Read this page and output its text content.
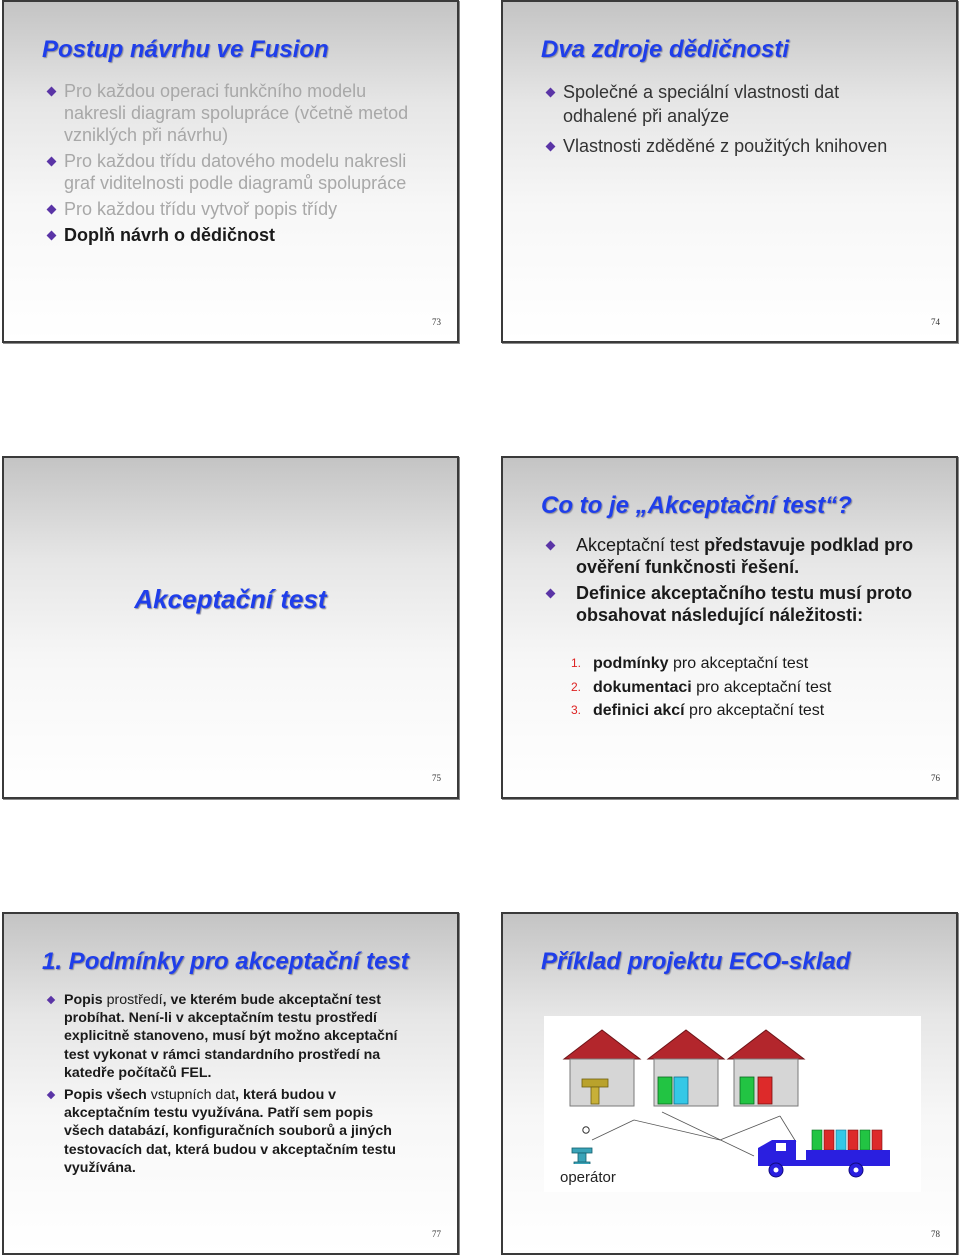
Postup návrhu ve Fusion
Pro každou operaci funkčního modelu nakresli diagram spolupráce (včetně metod vzniklých při návrhu)
Pro každou třídu datového modelu nakresli graf viditelnosti podle diagramů spolupráce
Pro každou třídu vytvoř popis třídy
Doplň návrh o dědičnost
73
Dva zdroje dědičnosti
Společné a speciální vlastnosti dat odhalené při analýze
Vlastnosti zděděné z použitých knihoven
74
Akceptační test
75
Co to je „Akceptační test“?
Akceptační test představuje podklad pro ověření funkčnosti řešení.
Definice akceptačního testu musí proto obsahovat následující náležitosti:
1. podmínky pro akceptační test
2. dokumentaci pro akceptační test
3. definici akcí pro akceptační test
76
1. Podmínky pro akceptační test
Popis prostředí, ve kterém bude akceptační test probíhat. Není-li v akceptačním testu prostředí explicitně stanoveno, musí být možno akceptační test vykonat v rámci standardního prostředí na katedře počítačů FEL.
Popis všech vstupních dat, která budou v akceptačním testu využívána. Patří sem popis všech databází, konfiguračních souborů a jiných testovacích dat, která budou v akceptačním testu využívána.
77
Příklad projektu ECO-sklad
operátor
78
